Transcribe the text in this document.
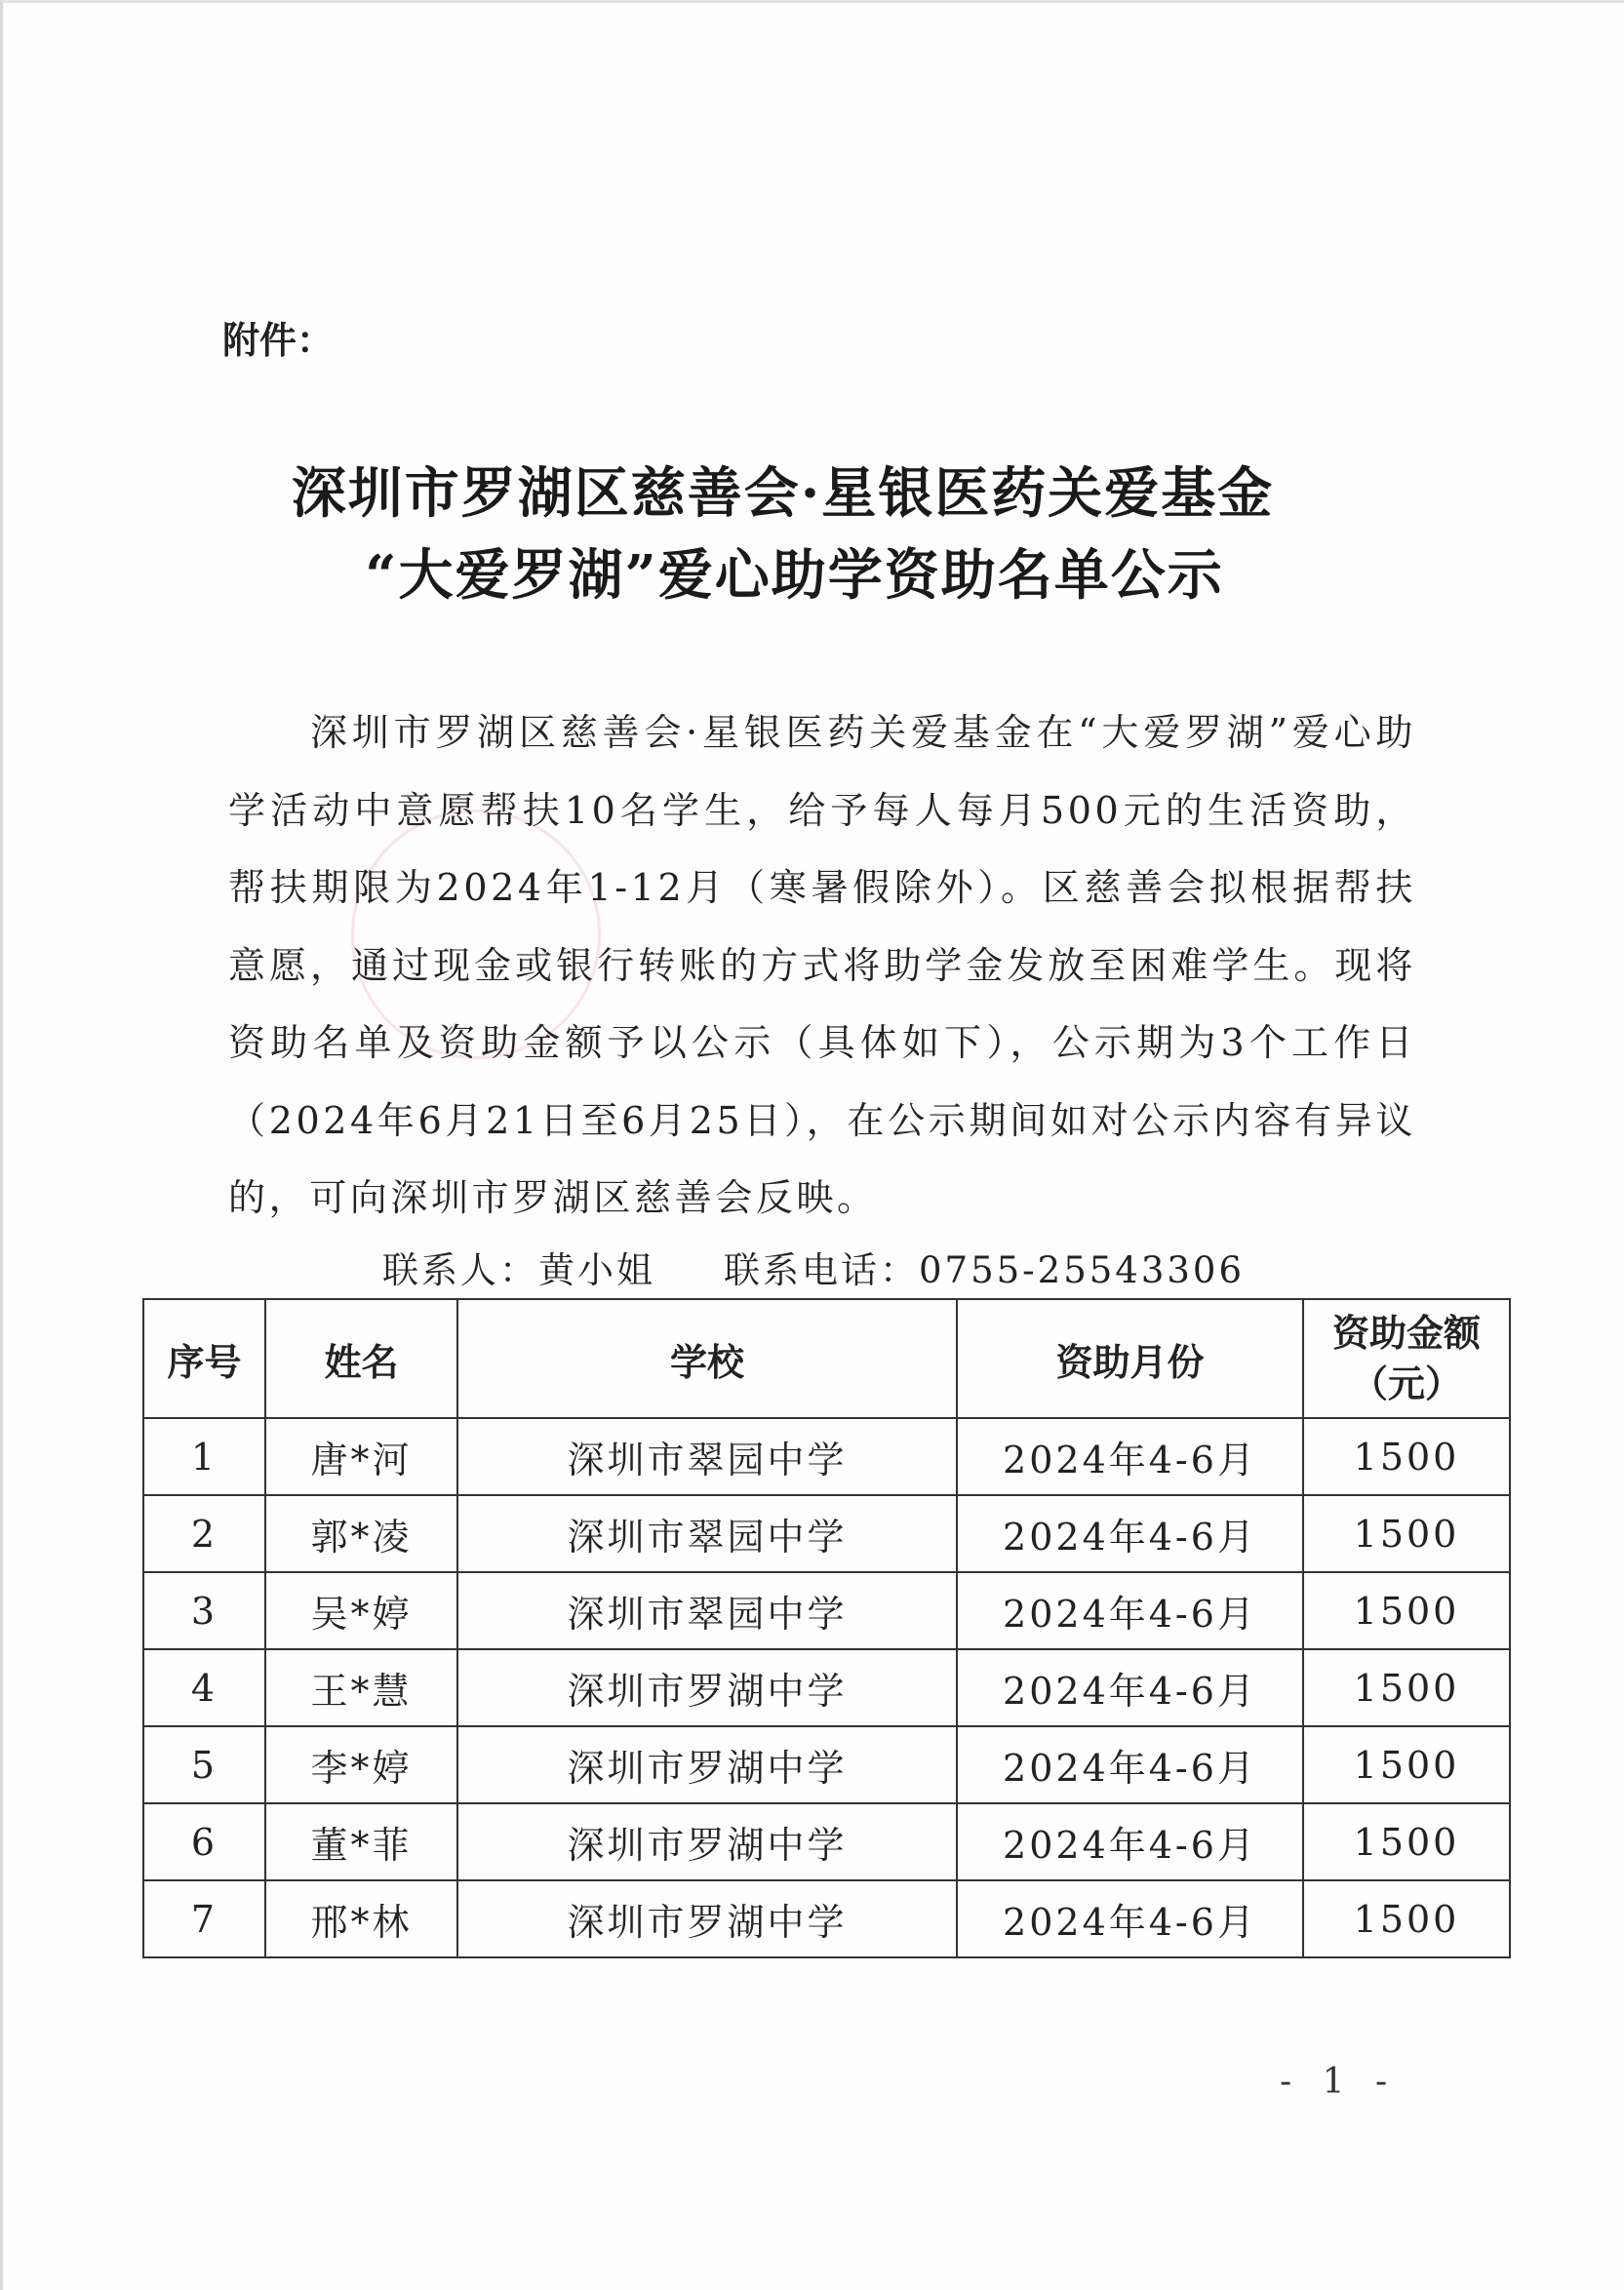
附件：
深圳市罗湖区慈善会·星银医药关爱基金
“大爱罗湖”爱心助学资助名单公示
深圳市罗湖区慈善会·星银医药关爱基金在“大爱罗湖”爱心助学活动中意愿帮扶10名学生，给予每人每月500元的生活资助，帮扶期限为2024年1-12月（寒暑假除外）。区慈善会拟根据帮扶意愿，通过现金或银行转账的方式将助学金发放至困难学生。现将资助名单及资助金额予以公示（具体如下），公示期为3个工作日（2024年6月21日至6月25日），在公示期间如对公示内容有异议的，可向深圳市罗湖区慈善会反映。
联系人：黄小姐 联系电话：0755-25543306
序号	姓名	学校	资助月份	资助金额
（元）
1	唐*河	深圳市翠园中学	2024年4-6月	1500
2	郭*凌	深圳市翠园中学	2024年4-6月	1500
3	吴*婷	深圳市翠园中学	2024年4-6月	1500
4	王*慧	深圳市罗湖中学	2024年4-6月	1500
5	李*婷	深圳市罗湖中学	2024年4-6月	1500
6	董*菲	深圳市罗湖中学	2024年4-6月	1500
7	邢*林	深圳市罗湖中学	2024年4-6月	1500
- 1 -
